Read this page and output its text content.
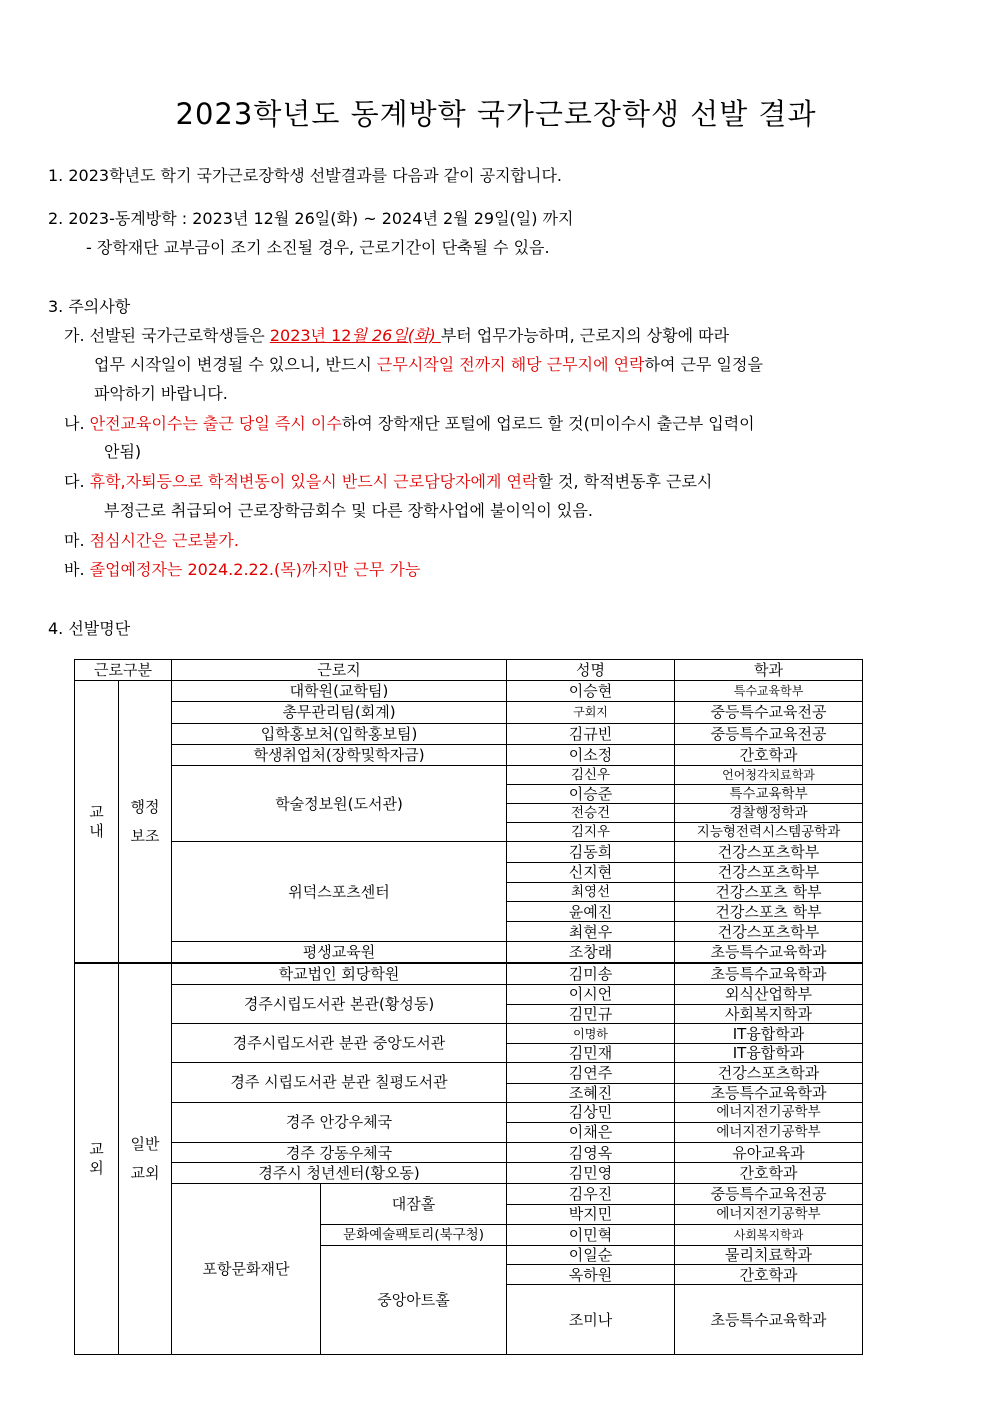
2023학년도 동계방학 국가근로장학생 선발 결과
1. 2023학년도 학기 국가근로장학생 선발결과를 다음과 같이 공지합니다.
2. 2023-동계방학 : 2023년 12월 26일(화) ~ 2024년 2월 29일(일) 까지
- 장학재단 교부금이 조기 소진될 경우, 근로기간이 단축될 수 있음.
3. 주의사항
가. 선발된 국가근로학생들은 2023년 12월 26일(화) 부터 업무가능하며, 근로지의 상황에 따라
업무 시작일이 변경될 수 있으니, 반드시 근무시작일 전까지 해당 근무지에 연락하여 근무 일정을
파악하기 바랍니다.
나. 안전교육이수는 출근 당일 즉시 이수하여 장학재단 포털에 업로드 할 것(미이수시 출근부 입력이
안됨)
다. 휴학,자퇴등으로 학적변동이 있을시 반드시 근로담당자에게 연락할 것, 학적변동후 근로시
부정근로 취급되어 근로장학금회수 및 다른 장학사업에 불이익이 있음.
마. 점심시간은 근로불가.
바. 졸업예정자는 2024.2.22.(목)까지만 근무 가능
4. 선발명단
근로구분		근로지		성명	학과

교
내	행정
보조	대학원(교학팀)		이승현	특수교육학부
		총무관리팀(회계)		구회지	중등특수교육전공
		입학홍보처(입학홍보팀)		김규빈	중등특수교육전공
		학생취업처(장학및학자금)		이소정	간호학과
		학술정보원(도서관)		김신우	언어청각치료학과
				이승준	특수교육학부
				전승건	경찰행정학과
				김지우	지능형전력시스템공학과
		위덕스포츠센터		김동희	건강스포츠학부
				신지현	건강스포츠학부
				최영선	건강스포츠 학부
				윤예진	건강스포츠 학부
				최현우	건강스포츠학부
		평생교육원		조창래	초등특수교육학과

교
외	일반
교외	학교법인 회당학원		김미송	초등특수교육학과
		경주시립도서관 본관(황성동)		이시언	외식산업학부
				김민규	사회복지학과
		경주시립도서관 분관 중앙도서관		이명하	IT융합학과
				김민재	IT융합학과
		경주 시립도서관 분관 칠평도서관		김연주	건강스포츠학과
				조혜진	초등특수교육학과
		경주 안강우체국		김상민	에너지전기공학부
				이채은	에너지전기공학부
		경주 강동우체국		김영옥	유아교육과
		경주시 청년센터(황오동)		김민영	간호학과
		포항문화재단	대잠홀	김우진	중등특수교육전공
				박지민	에너지전기공학부
			문화예술팩토리(북구청)	이민혁	사회복지학과
			중앙아트홀	이일순	물리치료학과
				옥하원	간호학과
				조미나	초등특수교육학과
